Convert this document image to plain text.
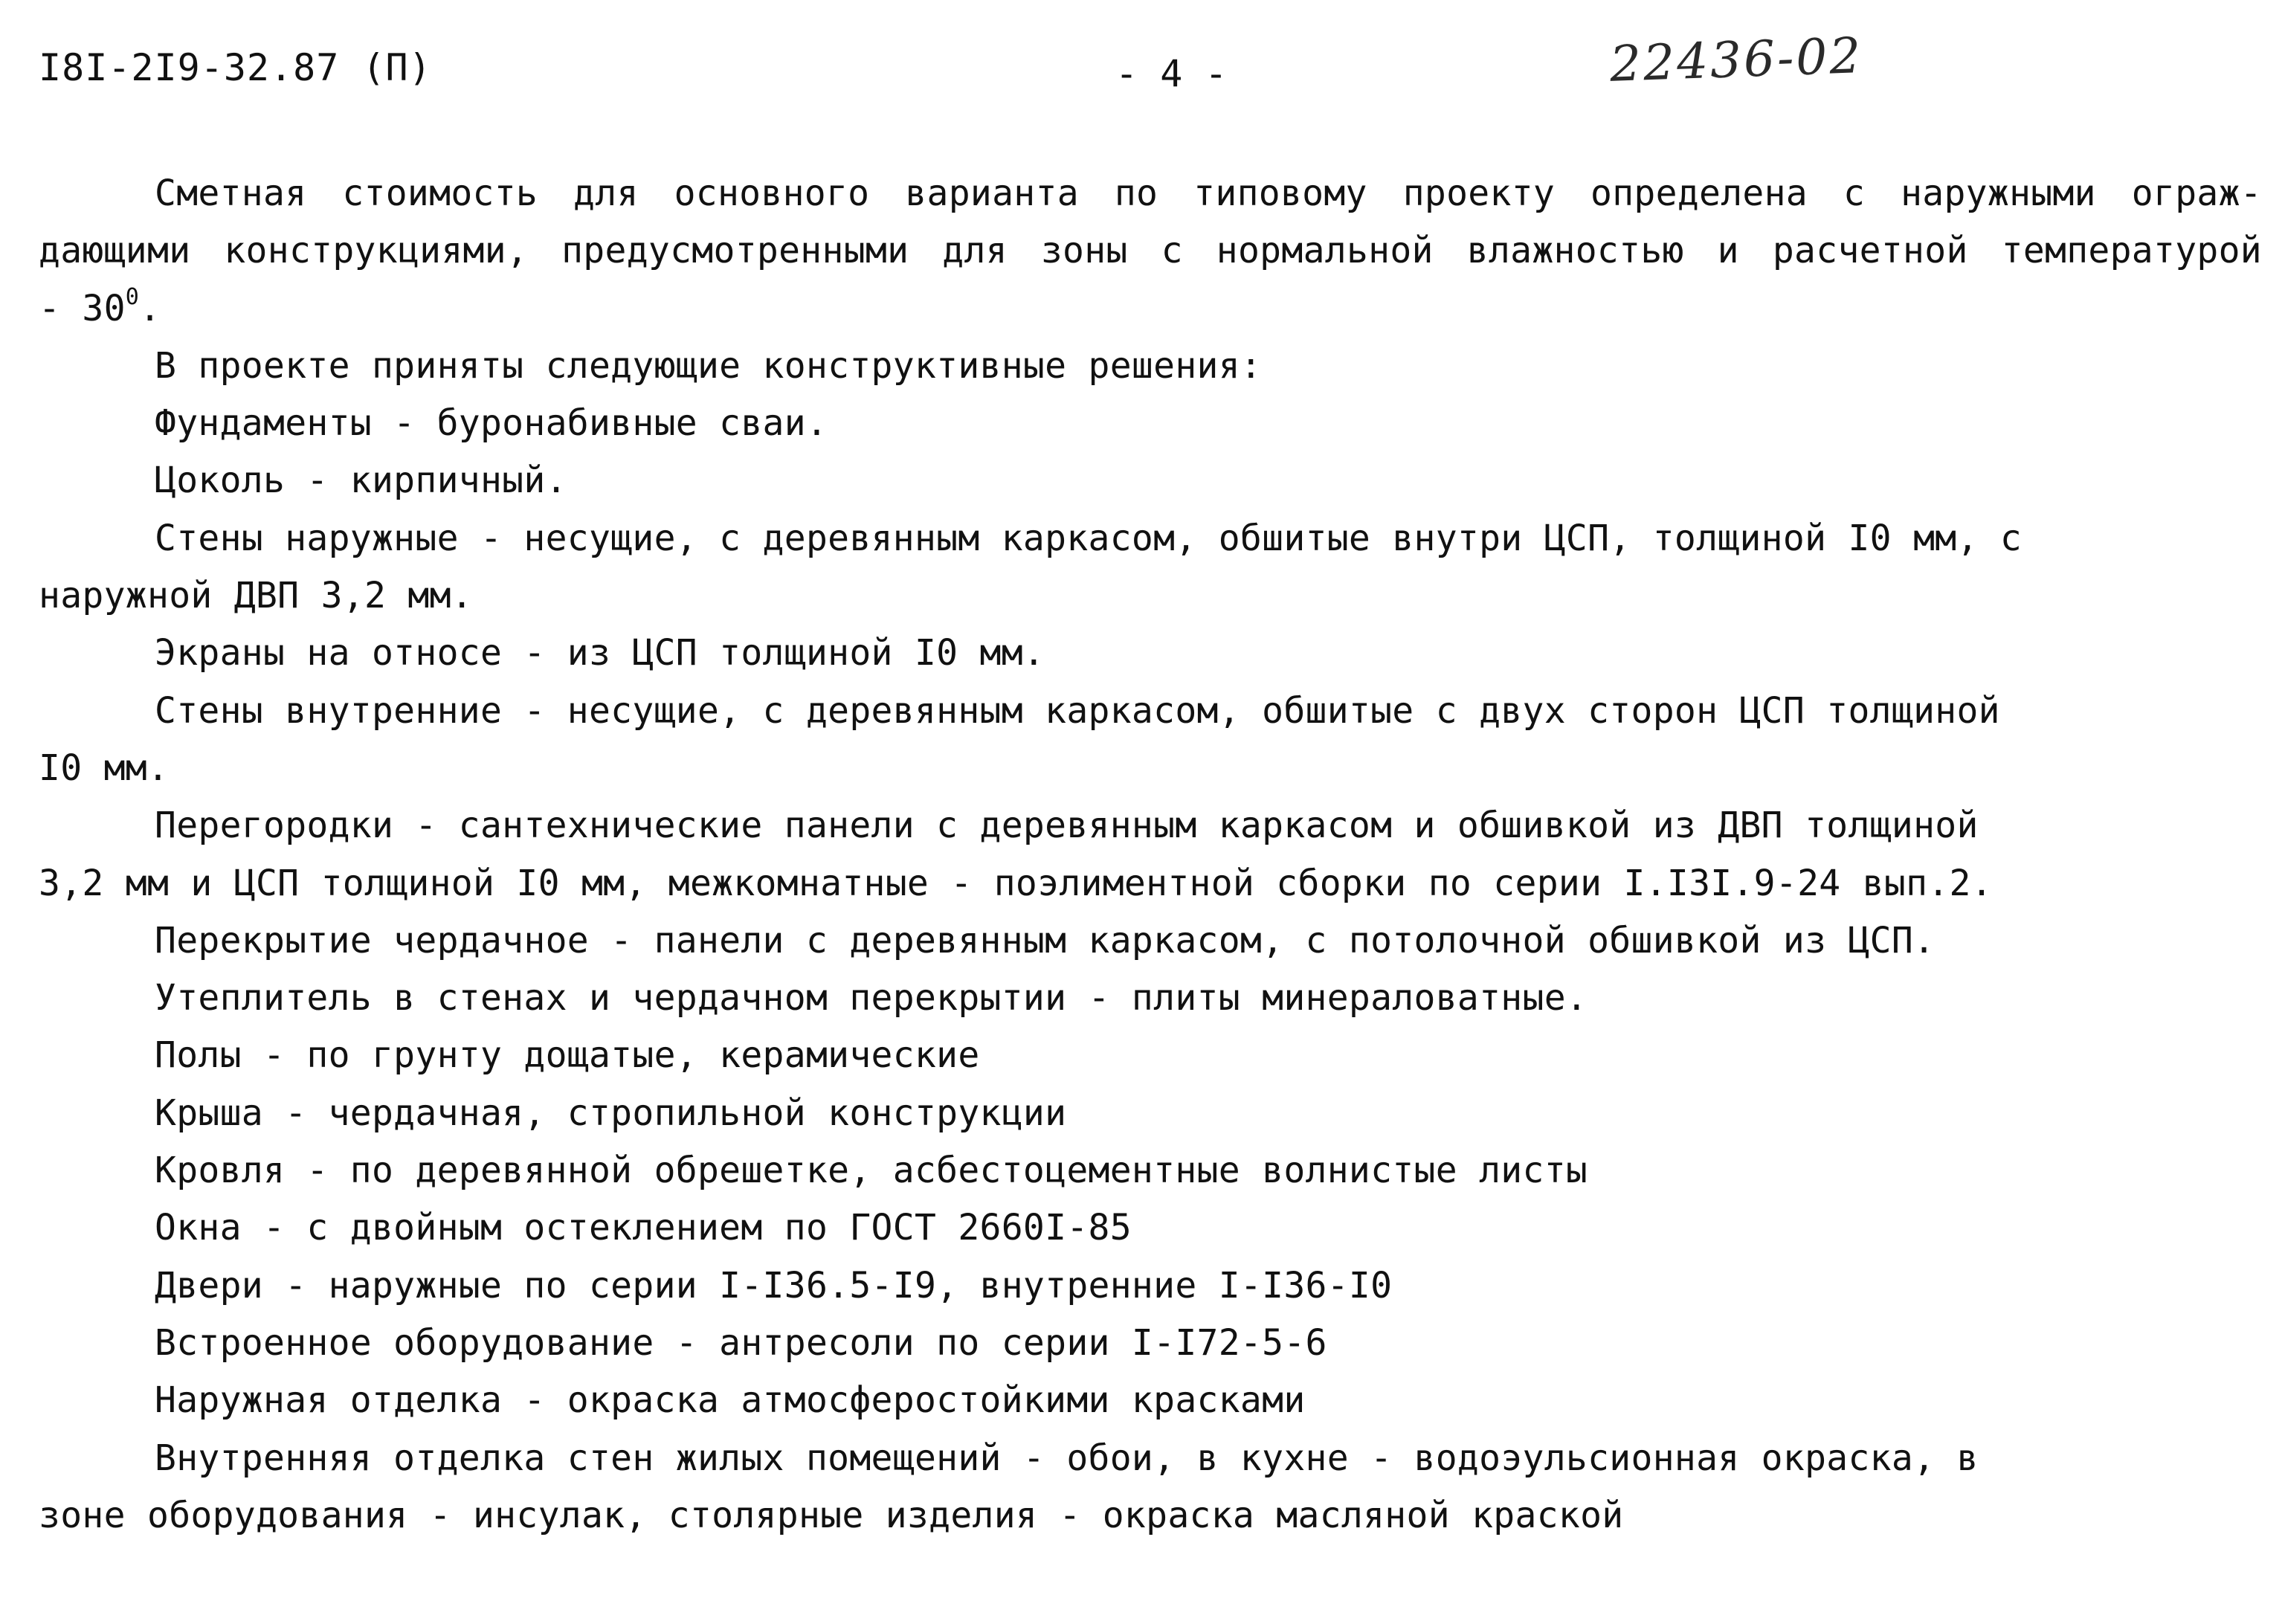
I8I-2I9-32.87 (П)	- 4 -	22436-02
Сметная стоимость для основного варианта по типовому проекту определена с наружными ограж-
дающими конструкциями, предусмотренными для зоны с нормальной влажностью и расчетной температурой
- $30^0$.
В проекте приняты следующие конструктивные решения:
Фундаменты - буронабивные сваи.
Цоколь - кирпичный.
Стены наружные - несущие, с деревянным каркасом, обшитые внутри ЦСП, толщиной I0 мм, с
наружной ДВП 3,2 мм.
Экраны на относе - из ЦСП толщиной I0 мм.
Стены внутренние - несущие, с деревянным каркасом, обшитые с двух сторон ЦСП толщиной
I0 мм.
Перегородки - сантехнические панели с деревянным каркасом и обшивкой из ДВП толщиной
3,2 мм и ЦСП толщиной I0 мм, межкомнатные - поэлиментной сборки по серии I.I3I.9-24 вып.2.
Перекрытие чердачное - панели с деревянным каркасом, с потолочной обшивкой из ЦСП.
Утеплитель в стенах и чердачном перекрытии - плиты минераловатные.
Полы - по грунту дощатые, керамические
Крыша - чердачная, стропильной конструкции
Кровля - по деревянной обрешетке, асбестоцементные волнистые листы
Окна - с двойным остеклением по ГОСТ 2660I-85
Двери - наружные по серии I-I36.5-I9, внутренние I-I36-I0
Встроенное оборудование - антресоли по серии I-I72-5-6
Наружная отделка - окраска атмосферостойкими красками
Внутренняя отделка стен жилых помещений - обои, в кухне - водоэульсионная окраска, в
зоне оборудования - инсулак, столярные изделия - окраска масляной краской
